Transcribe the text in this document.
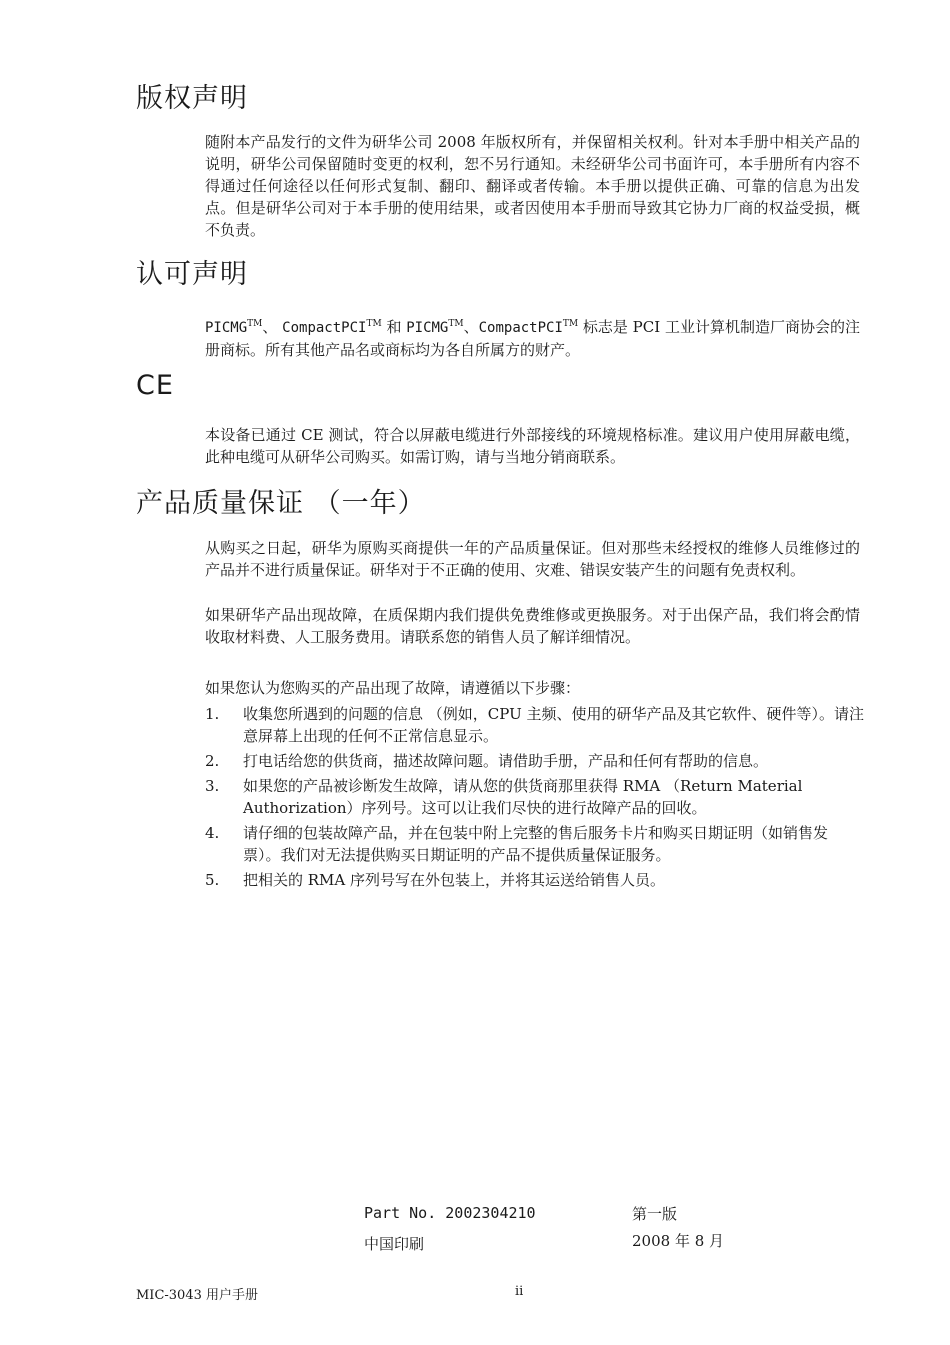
版权声明

随附本产品发行的文件为研华公司 2008 年版权所有，并保留相关权利。针对本手册中相关产品的说明，研华公司保留随时变更的权利，恕不另行通知。未经研华公司书面许可，本手册所有内容不得通过任何途径以任何形式复制、翻印、翻译或者传输。本手册以提供正确、可靠的信息为出发点。但是研华公司对于本手册的使用结果，或者因使用本手册而导致其它协力厂商的权益受损，概不负责。

认可声明

PICMG™、 CompactPCI™ 和 PICMG™、CompactPCI™ 标志是 PCI 工业计算机制造厂商协会的注册商标。所有其他产品名或商标均为各自所属方的财产。

CE

本设备已通过 CE 测试，符合以屏蔽电缆进行外部接线的环境规格标准。建议用户使用屏蔽电缆，此种电缆可从研华公司购买。如需订购，请与当地分销商联系。

产品质量保证 （一年）

从购买之日起，研华为原购买商提供一年的产品质量保证。但对那些未经授权的维修人员维修过的产品并不进行质量保证。研华对于不正确的使用、灾难、错误安装产生的问题有免责权利。

如果研华产品出现故障，在质保期内我们提供免费维修或更换服务。对于出保产品，我们将会酌情收取材料费、人工服务费用。请联系您的销售人员了解详细情况。

如果您认为您购买的产品出现了故障，请遵循以下步骤：

1. 收集您所遇到的问题的信息 （例如，CPU 主频、使用的研华产品及其它软件、硬件等）。请注意屏幕上出现的任何不正常信息显示。
2. 打电话给您的供货商，描述故障问题。请借助手册，产品和任何有帮助的信息。
3. 如果您的产品被诊断发生故障，请从您的供货商那里获得 RMA （Return Material Authorization）序列号。这可以让我们尽快的进行故障产品的回收。
4. 请仔细的包装故障产品，并在包装中附上完整的售后服务卡片和购买日期证明（如销售发票）。我们对无法提供购买日期证明的产品不提供质量保证服务。
5. 把相关的 RMA 序列号写在外包装上，并将其运送给销售人员。
Part No. 2002304210	第一版
中国印刷	2008 年 8 月
MIC-3043 用户手册	ii
